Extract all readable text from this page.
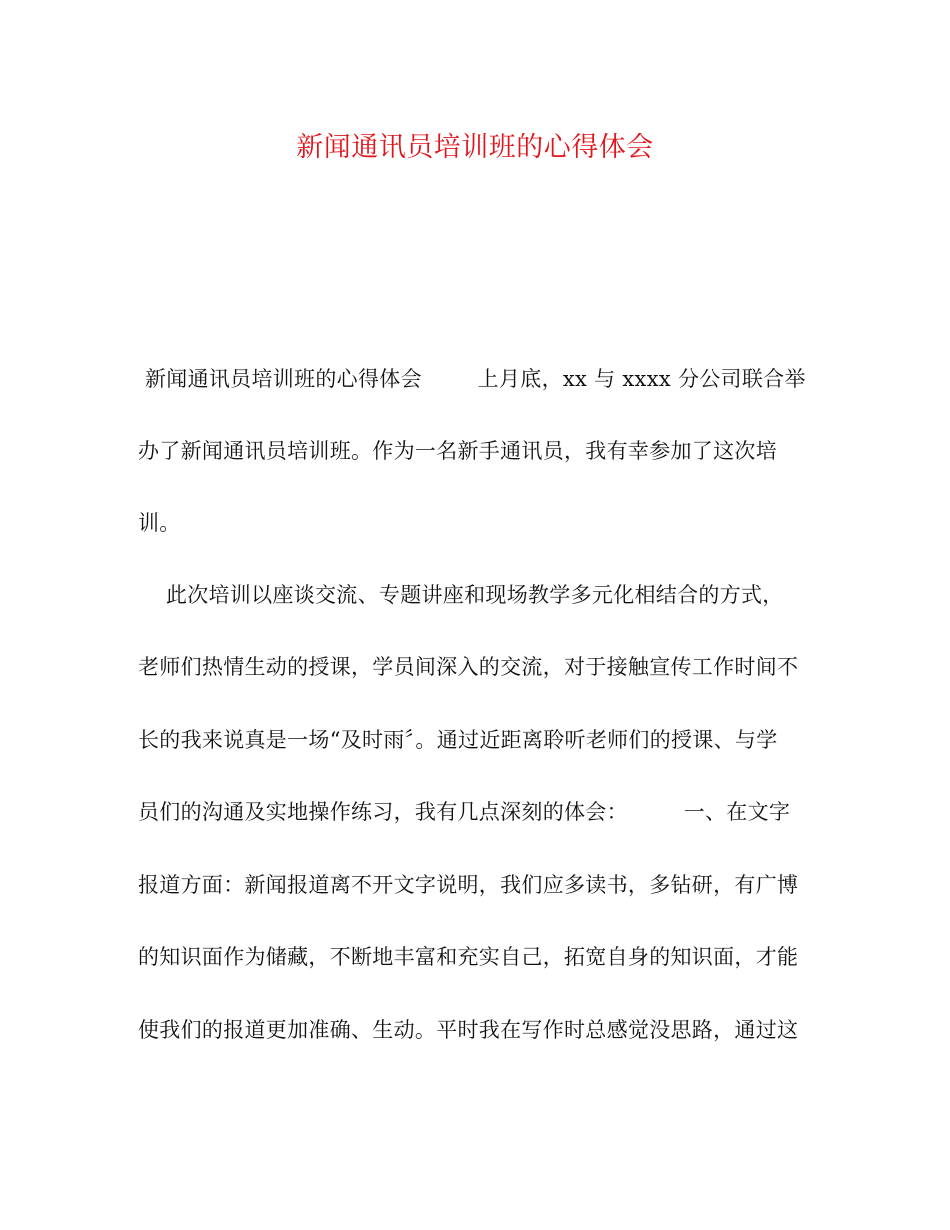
新闻通讯员培训班的心得体会
新闻通讯员培训班的心得体会        上月底，xx 与 xxxx 分公司联合举
办了新闻通讯员培训班。作为一名新手通讯员，我有幸参加了这次培
训。
此次培训以座谈交流、专题讲座和现场教学多元化相结合的方式，
老师们热情生动的授课，学员间深入的交流，对于接触宣传工作时间不
长的我来说真是一场“及时雨〞。通过近距离聆听老师们的授课、与学
员们的沟通及实地操作练习，我有几点深刻的体会：        一、在文字
报道方面：新闻报道离不开文字说明，我们应多读书，多钻研，有广博
的知识面作为储藏，不断地丰富和充实自己，拓宽自身的知识面，才能
使我们的报道更加准确、生动。平时我在写作时总感觉没思路，通过这
